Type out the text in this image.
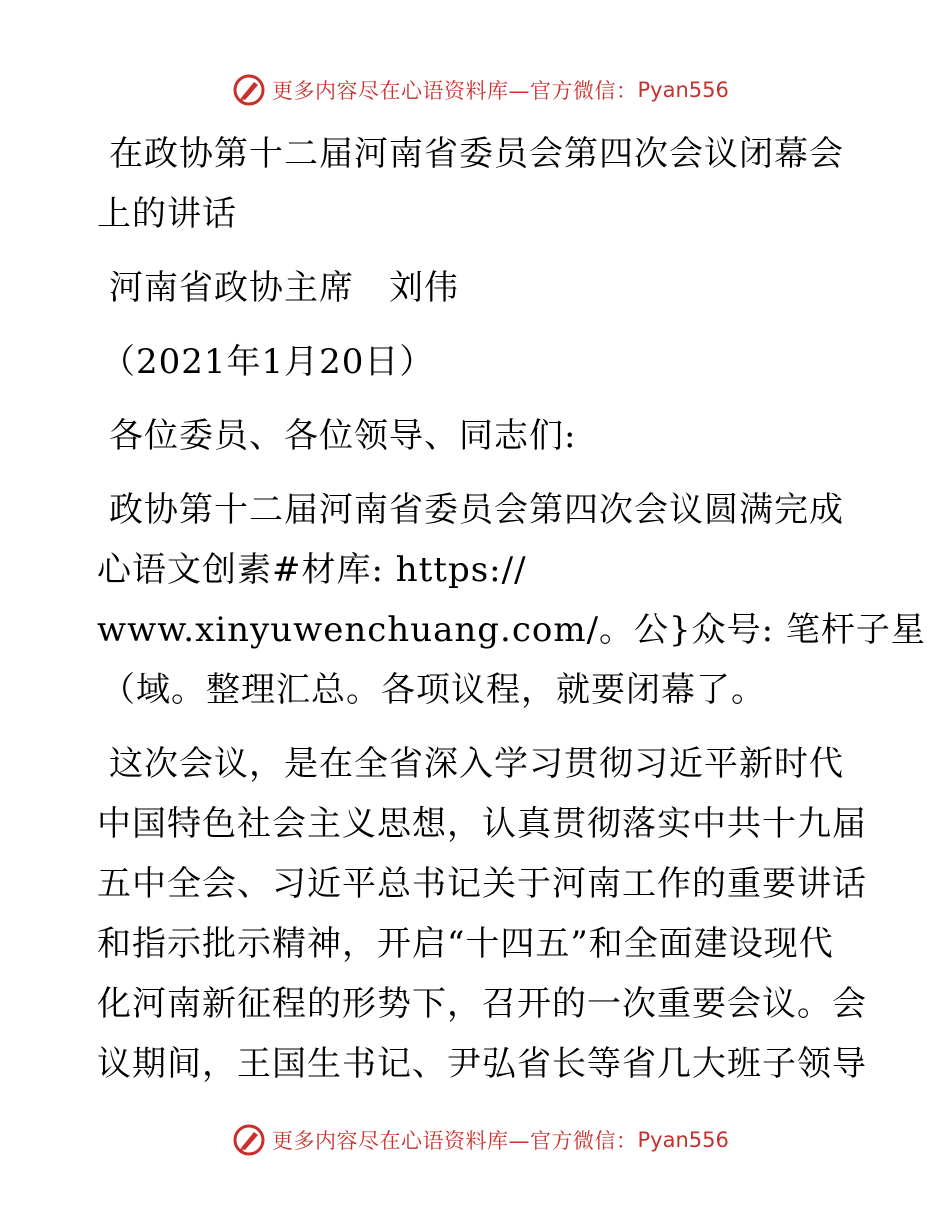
更多内容尽在心语资料库—官方微信： Pyan556
在政协第十二届河南省委员会第四次会议闭幕会
上的讲话
河南省政协主席　刘伟
（2021年1月20日）
各位委员、各位领导、同志们:
政协第十二届河南省委员会第四次会议圆满完成
心语文创素#材库: https://
www.xinyuwenchuang.com/。公}众号: 笔杆子星
（域。整理汇总。各项议程，就要闭幕了。
这次会议，是在全省深入学习贯彻习近平新时代
中国特色社会主义思想，认真贯彻落实中共十九届
五中全会、习近平总书记关于河南工作的重要讲话
和指示批示精神，开启“十四五”和全面建设现代
化河南新征程的形势下，召开的一次重要会议。会
议期间，王国生书记、尹弘省长等省几大班子领导
更多内容尽在心语资料库—官方微信： Pyan556
